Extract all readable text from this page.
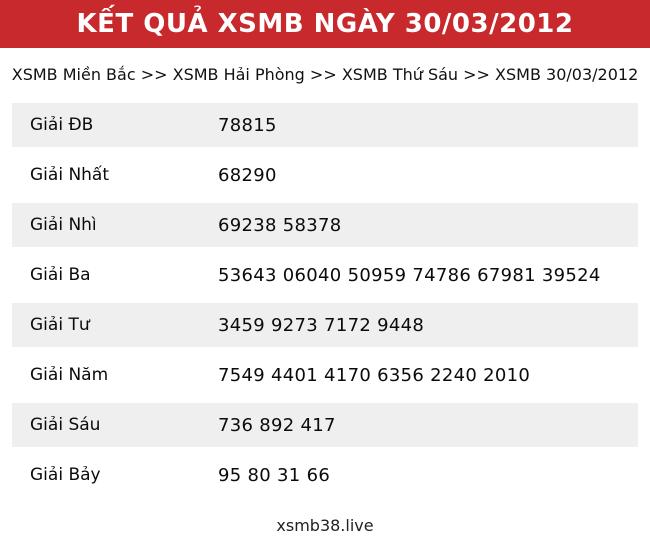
KẾT QUẢ XSMB NGÀY 30/03/2012
XSMB Miền Bắc >> XSMB Hải Phòng >> XSMB Thứ Sáu >> XSMB 30/03/2012
Giải ĐB	78815
Giải Nhất	68290
Giải Nhì	69238 58378
Giải Ba	53643 06040 50959 74786 67981 39524
Giải Tư	3459 9273 7172 9448
Giải Năm	7549 4401 4170 6356 2240 2010
Giải Sáu	736 892 417
Giải Bảy	95 80 31 66
xsmb38.live
